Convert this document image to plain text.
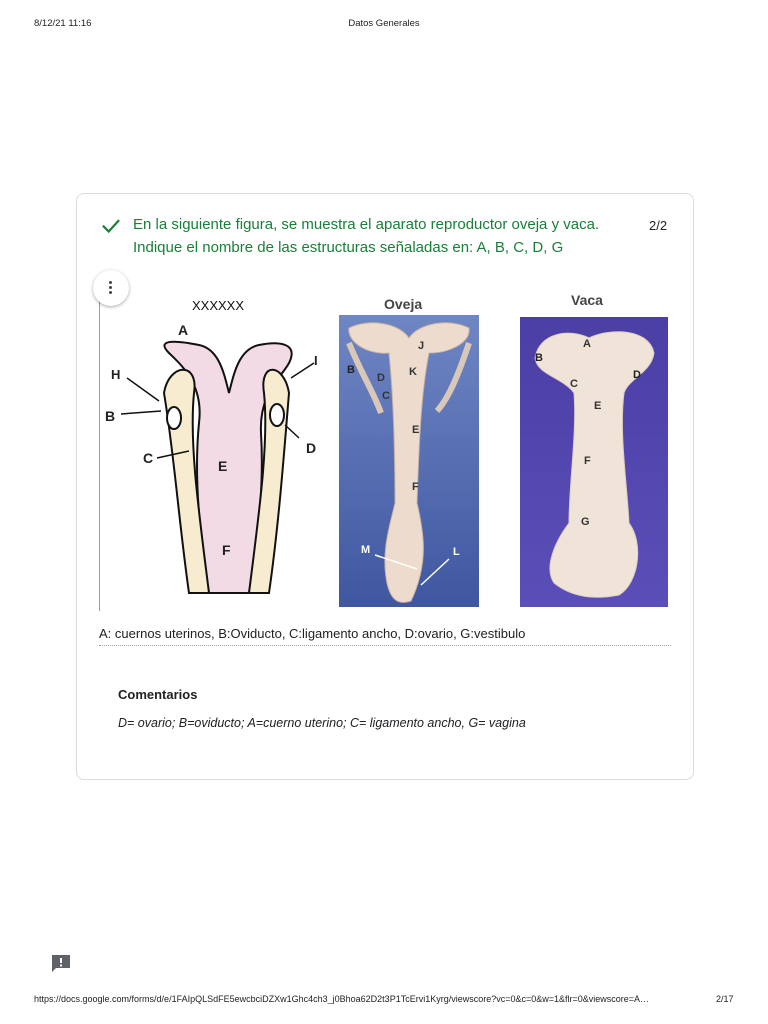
8/12/21 11:16	Datos Generales
En la siguiente figura, se muestra el aparato reproductor oveja y vaca. Indique el nombre de las estructuras señaladas en: A, B, C, D, G
2/2
XXXXXX
A
H
B
C	E
F
I
D
Oveja
J
B	K
D
C
E
F
M	L
Vaca
A
B
C
D
E
F
G
A: cuernos uterinos, B:Oviducto, C:ligamento ancho, D:ovario, G:vestibulo
Comentarios
D= ovario; B=oviducto; A=cuerno uterino; C= ligamento ancho, G= vagina
https://docs.google.com/forms/d/e/1FAIpQLSdFE5ewcbciDZXw1Ghc4ch3_j0Bhoa62D2t3P1TcErvi1Kyrg/viewscore?vc=0&c=0&w=1&flr=0&viewscore=A…	2/17
